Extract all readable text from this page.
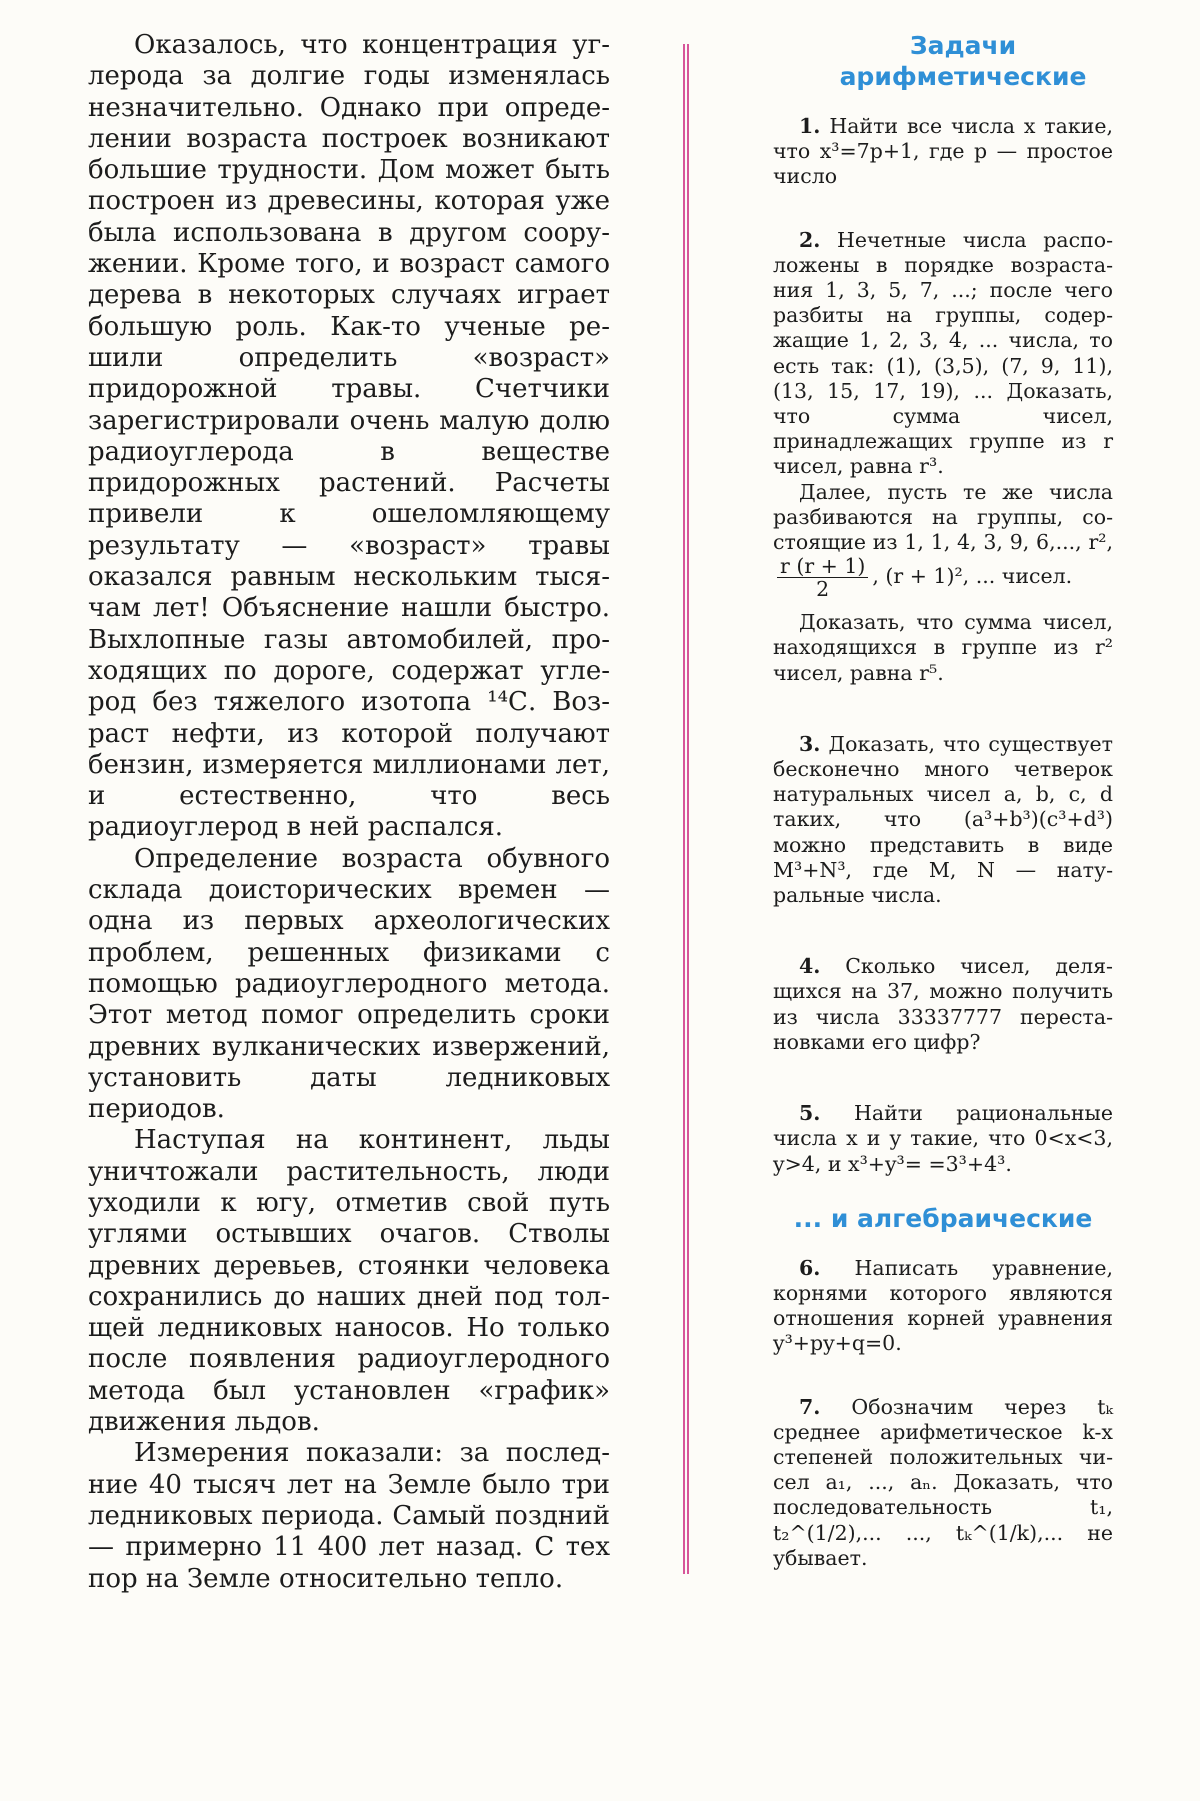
Оказалось, что концентрация углерода за долгие годы изменялась незначительно. Однако при определении возраста построек возникают большие трудности. Дом может быть построен из древесины, которая уже была использована в другом сооружении. Кроме того, и возраст самого дерева в некоторых случаях играет большую роль. Как-то ученые решили определить «возраст» придорожной травы. Счетчики зарегистрировали очень малую долю радиоуглерода в веществе придорожных растений. Расчеты привели к ошеломляющему результату — «возраст» травы оказался равным нескольким тысячам лет! Объяснение нашли быстро. Выхлопные газы автомобилей, проходящих по дороге, содержат углерод без тяжелого изотопа ¹⁴С. Возраст нефти, из которой получают бензин, измеряется миллионами лет, и естественно, что весь радиоуглерод в ней распался.

Определение возраста обувного склада доисторических времен — одна из первых археологических проблем, решенных физиками с помощью радиоуглеродного метода. Этот метод помог определить сроки древних вулканических извержений, установить даты ледниковых периодов.

Наступая на континент, льды уничтожали растительность, люди уходили к югу, отметив свой путь углями остывших очагов. Стволы древних деревьев, стоянки человека сохранились до наших дней под толщей ледниковых наносов. Но только после появления радиоуглеродного метода был установлен «график» движения льдов.

Измерения показали: за последние 40 тысяч лет на Земле было три ледниковых периода. Самый поздний — примерно 11 400 лет назад. С тех пор на Земле относительно тепло.

Задачи
арифметические

1. Найти все числа x такие, что x³=7p+1, где p — простое число

2. Нечетные числа расположены в порядке возрастания 1, 3, 5, 7, ...; после чего разбиты на группы, содержащие 1, 2, 3, 4, ... числа, то есть так: (1), (3,5), (7, 9, 11), (13, 15, 17, 19), ... Доказать, что сумма чисел, принадлежащих группе из r чисел, равна r³.

Далее, пусть те же числа разбиваются на группы, состоящие из 1, 1, 4, 3, 9, 6,..., r²,
$\frac{r (r + 1)}{2}$ , (r + 1)², ... чисел.

Доказать, что сумма чисел, находящихся в группе из r² чисел, равна r⁵.

3. Доказать, что существует бесконечно много четверок натуральных чисел a, b, c, d таких, что (a³+b³)(c³+d³) можно представить в виде M³+N³, где M, N — натуральные числа.

4. Сколько чисел, делящихся на 37, можно получить из числа 33337777 перестановками его цифр?

5. Найти рациональные числа x и y такие, что 0<x<3, y>4, и x³+y³= =3³+4³.

... и алгебраические

6. Написать уравнение, корнями которого являются отношения корней уравнения y³+py+q=0.

7. Обозначим через tₖ среднее арифметическое k-х степеней положительных чисел a₁, ..., aₙ. Доказать, что последовательность t₁, t₂^(1/2),... ..., tₖ^(1/k),... не убывает.
